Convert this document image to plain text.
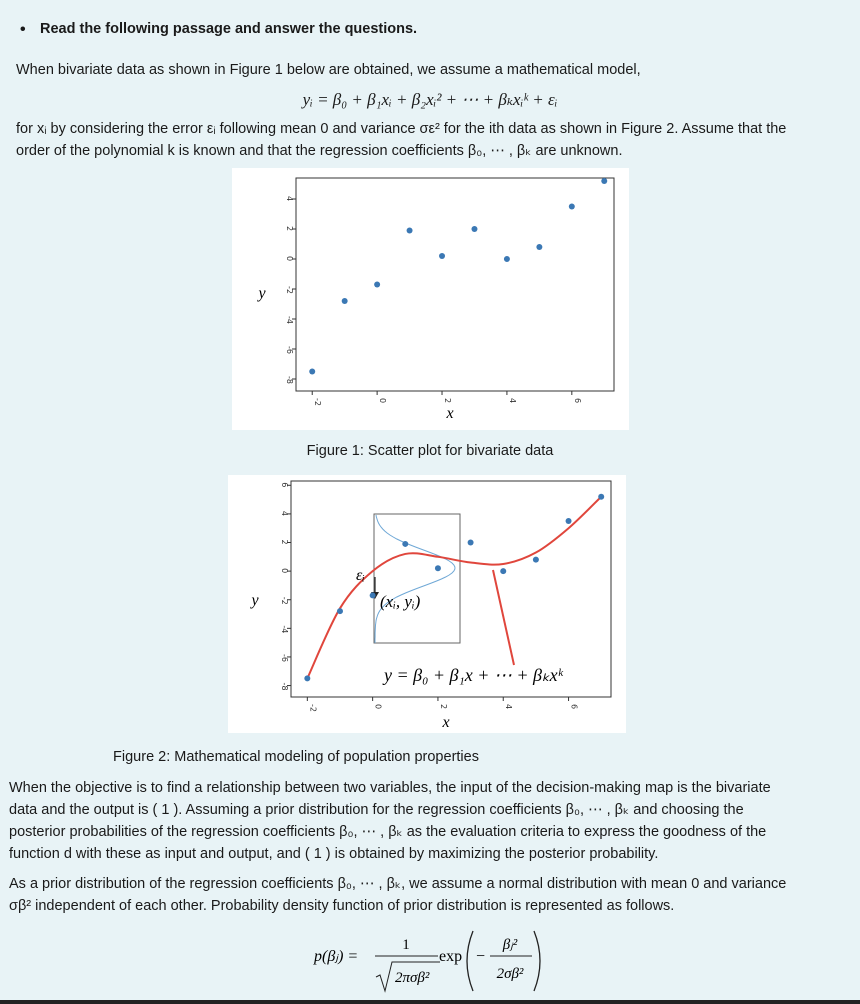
• Read the following passage and answer the questions.
When bivariate data as shown in Figure 1 below are obtained, we assume a mathematical model,
yᵢ = β₀ + β₁xᵢ + β₂xᵢ² + ⋯ + βₖxᵢᵏ + εᵢ
for xᵢ by considering the error εᵢ following mean 0 and variance σε² for the ith data as shown in Figure 2. Assume that the
order of the polynomial k is known and that the regression coefficients β₀, ⋯ , βₖ are unknown.
-2	0	2	4	6
-8
-6
-4
-2
0
2
4
x
y
Figure 1: Scatter plot for bivariate data
-2	0	2	4	6
-8
-6
-4
-2
0
2
4
6
εᵢ
(xᵢ, yᵢ)
y = β₀ + β₁x + ⋯ + βₖxᵏ
x
y
Figure 2: Mathematical modeling of population properties
When the objective is to find a relationship between two variables, the input of the decision-making map is the bivariate
data and the output is ( 1 ). Assuming a prior distribution for the regression coefficients β₀, ⋯ , βₖ and choosing the
posterior probabilities of the regression coefficients β₀, ⋯ , βₖ as the evaluation criteria to express the goodness of the
function d with these as input and output, and ( 1 ) is obtained by maximizing the posterior probability.
As a prior distribution of the regression coefficients β₀, ⋯ , βₖ, we assume a normal distribution with mean 0 and variance
σβ² independent of each other. Probability density function of prior distribution is represented as follows.
p(βⱼ) =
1
2πσβ²
exp −
βⱼ²
2σβ²
